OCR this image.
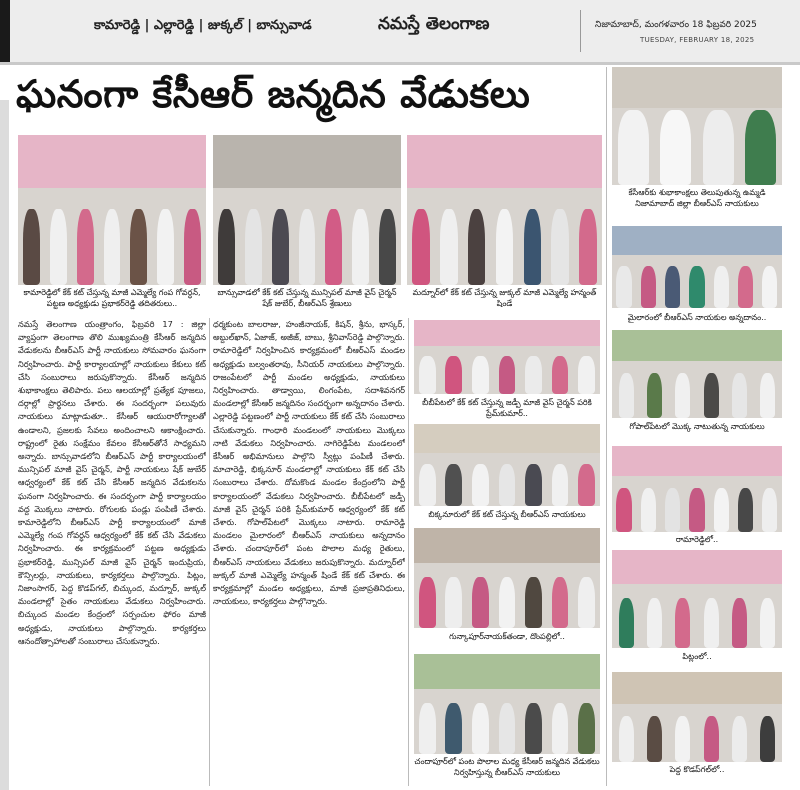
కామారెడ్డి | ఎల్లారెడ్డి | జుక్కల్ | బాన్సువాడ	నమస్తే తెలంగాణ	నిజామాబాద్, మంగళవారం 18 ఫిబ్రవరి 2025
TUESDAY, FEBRUARY 18, 2025
ఘనంగా కేసీఆర్ జన్మదిన వేడుకలు
కామారెడ్డిలో కేక్ కట్ చేస్తున్న మాజీ ఎమ్మెల్యే గంప గోవర్ధన్, పట్టణ అధ్యక్షుడు ప్రభాకర్‌రెడ్డి తదితరులు..
బాన్సువాడలో కేక్ కట్ చేస్తున్న మున్సిపల్ మాజీ వైస్ చైర్మన్ షేక్ జుబేర్, బీఆర్ఎస్ శ్రేణులు
మద్నూర్‌లో కేక్ కట్ చేస్తున్న జుక్కల్ మాజీ ఎమ్మెల్యే హన్మంత్ షిండే
కేసీఆర్‌కు శుభాకాంక్షలు తెలుపుతున్న ఉమ్మడి నిజామాబాద్ జిల్లా బీఆర్ఎస్ నాయకులు
మైలారంలో బీఆర్ఎస్ నాయకుల అన్నదానం..
గోపాల్‌పేటలో మొక్క నాటుతున్న నాయకులు
రామారెడ్డిలో..
పిట్లంలో..
పెద్ద కొడప్‌గల్‌లో..
బీబీపేటలో కేక్ కట్ చేస్తున్న జడ్పీ మాజీ వైస్ చైర్మన్ పరికి ప్రేమ్‌కుమార్..
బిక్కనూరులో కేక్ కట్ చేస్తున్న బీఆర్ఎస్ నాయకులు
గున్కాపూర్‌నాయక్‌తండా, దొంపల్లిలో..
చందాపూర్‌లో పంట పొలాల మధ్య కేసీఆర్ జన్మదిన వేడుకలు నిర్వహిస్తున్న బీఆర్ఎస్ నాయకులు

నమస్తే తెలంగాణ యంత్రాంగం, ఫిబ్రవరి 17 : జిల్లా వ్యాప్తంగా తెలంగాణ తొలి ముఖ్యమంత్రి కేసీఆర్ జన్మదిన వేడుకలను బీఆర్ఎస్ పార్టీ నాయకులు సోమవారం ఘనంగా నిర్వహించారు. పార్టీ కార్యాలయాల్లో నాయకులు కేకులు కట్ చేసి సంబురాలు జరుపుకొన్నారు. కేసీఆర్ జన్మదిన శుభాకాంక్షలు తెలిపారు. పలు ఆలయాల్లో ప్రత్యేక పూజలు, దర్గాల్లో ప్రార్థనలు చేశారు. ఈ సందర్భంగా పలువురు నాయకులు మాట్లాడుతూ.. కేసీఆర్ ఆయురారోగ్యాలతో ఉండాలని, ప్రజలకు సేవలు అందించాలని ఆకాంక్షించారు. రాష్ట్రంలో రైతు సంక్షేమం కేవలం కేసీఆర్‌తోనే సాధ్యమని అన్నారు. బాన్సువాడలోని బీఆర్ఎస్ పార్టీ కార్యాలయంలో మున్సిపల్ మాజీ వైస్ చైర్మన్, పార్టీ నాయకులు షేక్ జుబేర్ ఆధ్వర్యంలో కేక్ కట్ చేసి కేసీఆర్ జన్మదిన వేడుకలను ఘనంగా నిర్వహించారు. ఈ సందర్భంగా పార్టీ కార్యాలయం వద్ద మొక్కలు నాటారు. రోగులకు పండ్లు పంపిణీ చేశారు. కామారెడ్డిలోని బీఆర్ఎస్ పార్టీ కార్యాలయంలో మాజీ ఎమ్మెల్యే గంప గోవర్ధన్ ఆధ్వర్యంలో కేక్ కట్ చేసి వేడుకలు నిర్వహించారు. ఈ కార్యక్రమంలో పట్టణ అధ్యక్షుడు ప్రభాకర్‌రెడ్డి, మున్సిపల్ మాజీ వైస్ చైర్మన్ ఇందుప్రియ, కౌన్సిలర్లు, నాయకులు, కార్యకర్తలు పాల్గొన్నారు. పిట్లం, నిజాంసాగర్, పెద్ద కొడప్‌గల్, బిచ్కుంద, మద్నూర్, జుక్కల్ మండలాల్లో సైతం నాయకులు వేడుకలు నిర్వహించారు. బిచ్కుంద మండల కేంద్రంలో సర్పంచుల ఫోరం మాజీ అధ్యక్షుడు, నాయకులు పాల్గొన్నారు. కార్యకర్తలు ఆనందోత్సాహాలతో సంబురాలు చేసుకున్నారు.

ధర్మకుంట బాలరాజు, హంజీనాయక్, కిషన్, శ్రీను, భాస్కర్, అబ్దుల్‌ఖాన్, ఏజాజ్, అజీజ్, బాబు, శ్రీనివాస్‌రెడ్డి పాల్గొన్నారు. రామారెడ్డిలో నిర్వహించిన కార్యక్రమంలో బీఆర్ఎస్ మండల అధ్యక్షుడు బల్వంతరావు, సీనియర్ నాయకులు పాల్గొన్నారు. రాజంపేటలో పార్టీ మండల అధ్యక్షుడు, నాయకులు నిర్వహించారు. తాడ్వాయి, లింగంపేట, సదాశివనగర్ మండలాల్లో కేసీఆర్ జన్మదినం సందర్భంగా అన్నదానం చేశారు. ఎల్లారెడ్డి పట్టణంలో పార్టీ నాయకులు కేక్ కట్ చేసి సంబురాలు చేసుకున్నారు. గాంధారి మండలంలో నాయకులు మొక్కలు నాటి వేడుకలు నిర్వహించారు. నాగిరెడ్డిపేట మండలంలో కేసీఆర్ అభిమానులు పాల్గొని స్వీట్లు పంపిణీ చేశారు. మాచారెడ్డి, భిక్కనూర్ మండలాల్లో నాయకులు కేక్ కట్ చేసి సంబురాలు చేశారు. దోమకొండ మండల కేంద్రంలోని పార్టీ కార్యాలయంలో వేడుకలు నిర్వహించారు. బీబీపేటలో జడ్పీ మాజీ వైస్ చైర్మన్ పరికి ప్రేమ్‌కుమార్ ఆధ్వర్యంలో కేక్ కట్ చేశారు. గోపాల్‌పేటలో మొక్కలు నాటారు. రామారెడ్డి మండలం మైలారంలో బీఆర్ఎస్ నాయకులు అన్నదానం చేశారు. చందాపూర్‌లో పంట పొలాల మధ్య రైతులు, బీఆర్ఎస్ నాయకులు వేడుకలు జరుపుకొన్నారు. మద్నూర్‌లో జుక్కల్ మాజీ ఎమ్మెల్యే హన్మంత్ షిండే కేక్ కట్ చేశారు. ఈ కార్యక్రమాల్లో మండల అధ్యక్షులు, మాజీ ప్రజాప్రతినిధులు, నాయకులు, కార్యకర్తలు పాల్గొన్నారు.
